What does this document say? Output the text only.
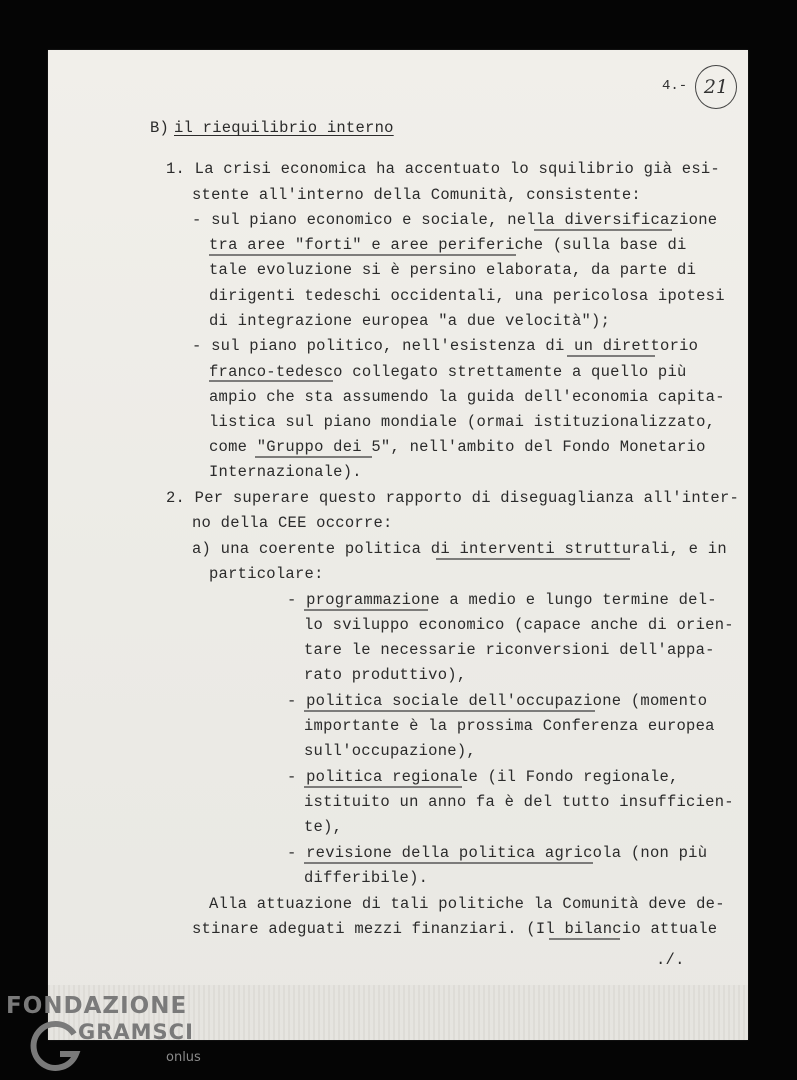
4.- 21
B) il riequilibrio interno
1. La crisi economica ha accentuato lo squilibrio già esi-
stente all'interno della Comunità, consistente:
- sul piano economico e sociale, nella diversificazione
tra aree "forti" e aree periferiche (sulla base di
tale evoluzione si è persino elaborata, da parte di
dirigenti tedeschi occidentali, una pericolosa ipotesi
di integrazione europea "a due velocità");
- sul piano politico, nell'esistenza di un direttorio
franco-tedesco collegato strettamente a quello più
ampio che sta assumendo la guida dell'economia capita-
listica sul piano mondiale (ormai istituzionalizzato,
come "Gruppo dei 5", nell'ambito del Fondo Monetario
Internazionale).
2. Per superare questo rapporto di diseguaglianza all'inter-
no della CEE occorre:
a) una coerente politica di interventi strutturali, e in
particolare:
- programmazione a medio e lungo termine del-
lo sviluppo economico (capace anche di orien-
tare le necessarie riconversioni dell'appa-
rato produttivo),
- politica sociale dell'occupazione (momento
importante è la prossima Conferenza europea
sull'occupazione),
- politica regionale (il Fondo regionale,
istituito un anno fa è del tutto insufficien-
te),
- revisione della politica agricola (non più
differibile).
Alla attuazione di tali politiche la Comunità deve de-
stinare adeguati mezzi finanziari. (Il bilancio attuale
./.
FONDAZIONE
GRAMSCI
onlus
